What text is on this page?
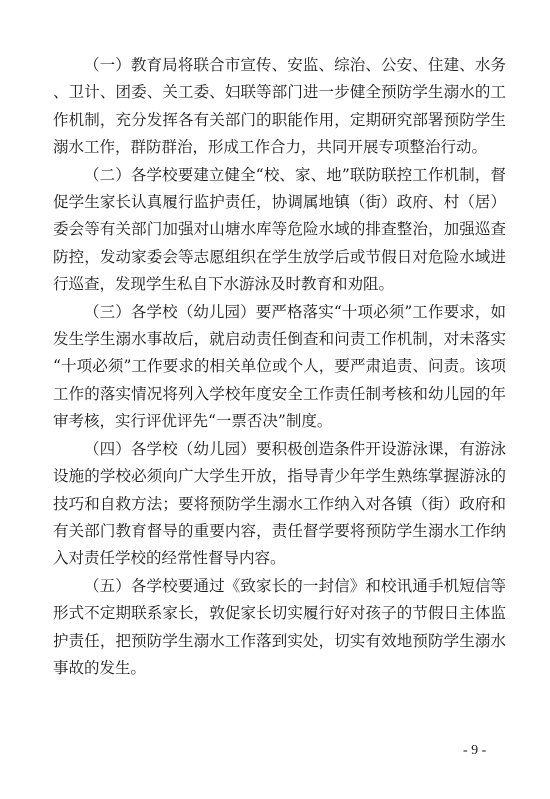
（一）教育局将联合市宣传、安监、综治、公安、住建、水务、卫计、团委、关工委、妇联等部门进一步健全预防学生溺水的工作机制，充分发挥各有关部门的职能作用，定期研究部署预防学生溺水工作，群防群治，形成工作合力，共同开展专项整治行动。

（二）各学校要建立健全“校、家、地”联防联控工作机制，督促学生家长认真履行监护责任，协调属地镇（街）政府、村（居）委会等有关部门加强对山塘水库等危险水域的排查整治，加强巡查防控，发动家委会等志愿组织在学生放学后或节假日对危险水域进行巡查，发现学生私自下水游泳及时教育和劝阻。

（三）各学校（幼儿园）要严格落实“十项必须”工作要求，如发生学生溺水事故后，就启动责任倒查和问责工作机制，对未落实“十项必须”工作要求的相关单位或个人，要严肃追责、问责。该项工作的落实情况将列入学校年度安全工作责任制考核和幼儿园的年审考核，实行评优评先“一票否决”制度。

（四）各学校（幼儿园）要积极创造条件开设游泳课，有游泳设施的学校必须向广大学生开放，指导青少年学生熟练掌握游泳的技巧和自救方法；要将预防学生溺水工作纳入对各镇（街）政府和有关部门教育督导的重要内容，责任督学要将预防学生溺水工作纳入对责任学校的经常性督导内容。

（五）各学校要通过《致家长的一封信》和校讯通手机短信等形式不定期联系家长，敦促家长切实履行好对孩子的节假日主体监护责任，把预防学生溺水工作落到实处，切实有效地预防学生溺水事故的发生。

- 9 -
